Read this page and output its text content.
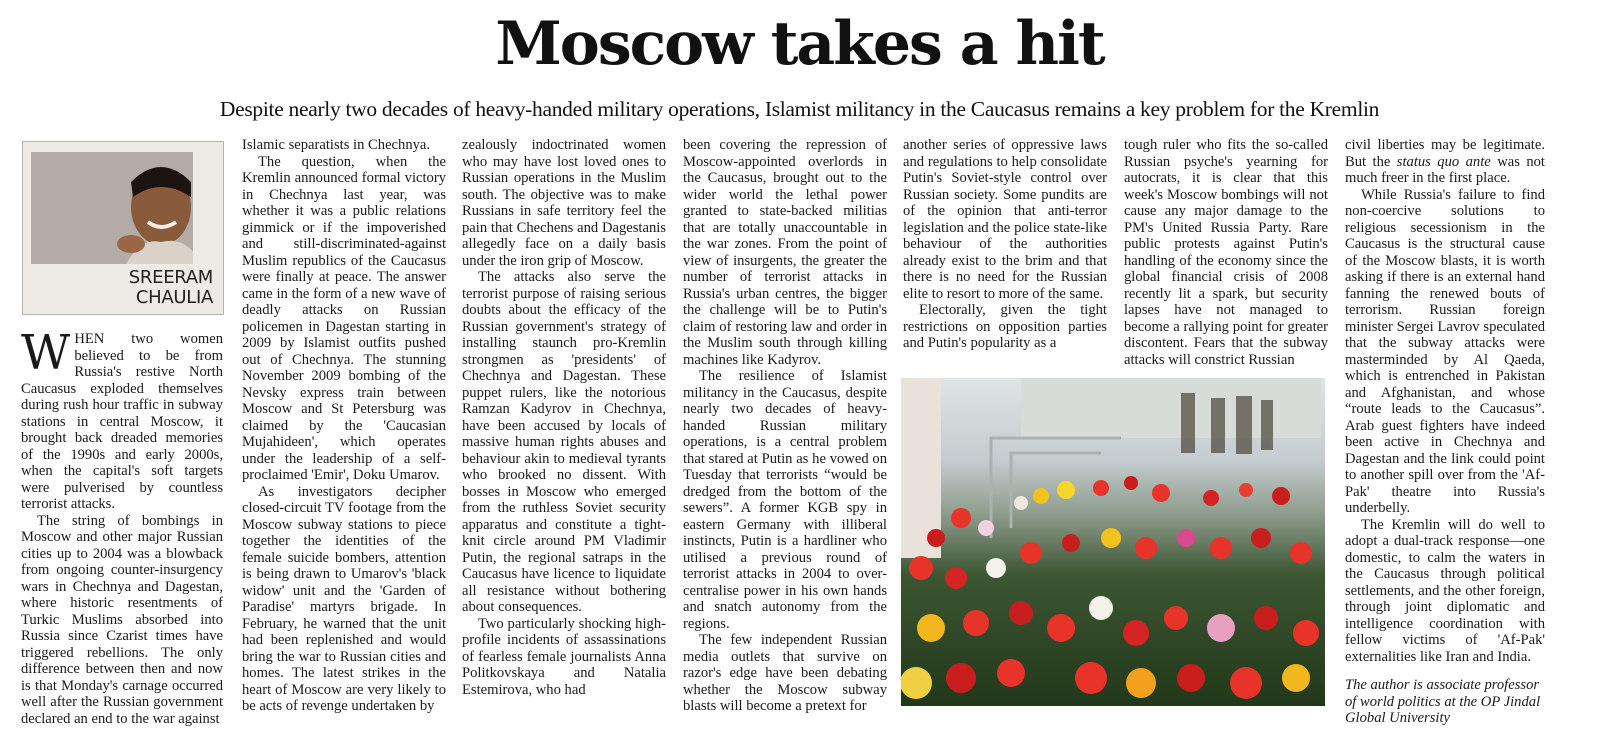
Moscow takes a hit
Despite nearly two decades of heavy-handed military operations, Islamist militancy in the Caucasus remains a key problem for the Kremlin
SREERAM
CHAULIA

WHEN two women believed to be from Russia's restive North Caucasus exploded themselves during rush hour traffic in subway stations in central Moscow, it brought back dreaded memories of the 1990s and early 2000s, when the capital's soft targets were pulverised by countless terrorist attacks.

The string of bombings in Moscow and other major Russian cities up to 2004 was a blowback from ongoing counter-insurgency wars in Chechnya and Dagestan, where historic resentments of Turkic Muslims absorbed into Russia since Czarist times have triggered rebellions. The only difference between then and now is that Monday's carnage occurred well after the Russian government declared an end to the war against

Islamic separatists in Chechnya.

The question, when the Kremlin announced formal victory in Chechnya last year, was whether it was a public relations gimmick or if the impoverished and still-discriminated-against Muslim republics of the Caucasus were finally at peace. The answer came in the form of a new wave of deadly attacks on Russian policemen in Dagestan starting in 2009 by Islamist outfits pushed out of Chechnya. The stunning November 2009 bombing of the Nevsky express train between Moscow and St Petersburg was claimed by the 'Caucasian Mujahideen', which operates under the leadership of a self-proclaimed 'Emir', Doku Umarov.

As investigators decipher closed-circuit TV footage from the Moscow subway stations to piece together the identities of the female suicide bombers, attention is being drawn to Umarov's 'black widow' unit and the 'Garden of Paradise' martyrs brigade. In February, he warned that the unit had been replenished and would bring the war to Russian cities and homes. The latest strikes in the heart of Moscow are very likely to be acts of revenge undertaken by

zealously indoctrinated women who may have lost loved ones to Russian operations in the Muslim south. The objective was to make Russians in safe territory feel the pain that Chechens and Dagestanis allegedly face on a daily basis under the iron grip of Moscow.

The attacks also serve the terrorist purpose of raising serious doubts about the efficacy of the Russian government's strategy of installing staunch pro-Kremlin strongmen as 'presidents' of Chechnya and Dagestan. These puppet rulers, like the notorious Ramzan Kadyrov in Chechnya, have been accused by locals of massive human rights abuses and behaviour akin to medieval tyrants who brooked no dissent. With bosses in Moscow who emerged from the ruthless Soviet security apparatus and constitute a tight-knit circle around PM Vladimir Putin, the regional satraps in the Caucasus have licence to liquidate all resistance without bothering about consequences.

Two particularly shocking high-profile incidents of assassinations of fearless female journalists Anna Politkovskaya and Natalia Estemirova, who had

been covering the repression of Moscow-appointed overlords in the Caucasus, brought out to the wider world the lethal power granted to state-backed militias that are totally unaccountable in the war zones. From the point of view of insurgents, the greater the number of terrorist attacks in Russia's urban centres, the bigger the challenge will be to Putin's claim of restoring law and order in the Muslim south through killing machines like Kadyrov.

The resilience of Islamist militancy in the Caucasus, despite nearly two decades of heavy-handed Russian military operations, is a central problem that stared at Putin as he vowed on Tuesday that terrorists “would be dredged from the bottom of the sewers”. A former KGB spy in eastern Germany with illiberal instincts, Putin is a hardliner who utilised a previous round of terrorist attacks in 2004 to over-centralise power in his own hands and snatch autonomy from the regions.

The few independent Russian media outlets that survive on razor's edge have been debating whether the Moscow subway blasts will become a pretext for

another series of oppressive laws and regulations to help consolidate Putin's Soviet-style control over Russian society. Some pundits are of the opinion that anti-terror legislation and the police state-like behaviour of the authorities already exist to the brim and that there is no need for the Russian elite to resort to more of the same.

Electorally, given the tight restrictions on opposition parties and Putin's popularity as a

tough ruler who fits the so-called Russian psyche's yearning for autocrats, it is clear that this week's Moscow bombings will not cause any major damage to the PM's United Russia Party. Rare public protests against Putin's handling of the economy since the global financial crisis of 2008 recently lit a spark, but security lapses have not managed to become a rallying point for greater discontent. Fears that the subway attacks will constrict Russian

civil liberties may be legitimate. But the status quo ante was not much freer in the first place.

While Russia's failure to find non-coercive solutions to religious secessionism in the Caucasus is the structural cause of the Moscow blasts, it is worth asking if there is an external hand fanning the renewed bouts of terrorism. Russian foreign minister Sergei Lavrov speculated that the subway attacks were masterminded by Al Qaeda, which is entrenched in Pakistan and Afghanistan, and whose “route leads to the Caucasus”. Arab guest fighters have indeed been active in Chechnya and Dagestan and the link could point to another spill over from the 'Af-Pak' theatre into Russia's underbelly.

The Kremlin will do well to adopt a dual-track response—one domestic, to calm the waters in the Caucasus through political settlements, and the other foreign, through joint diplomatic and intelligence coordination with fellow victims of 'Af-Pak' externalities like Iran and India.

The author is associate professor of world politics at the OP Jindal Global University
